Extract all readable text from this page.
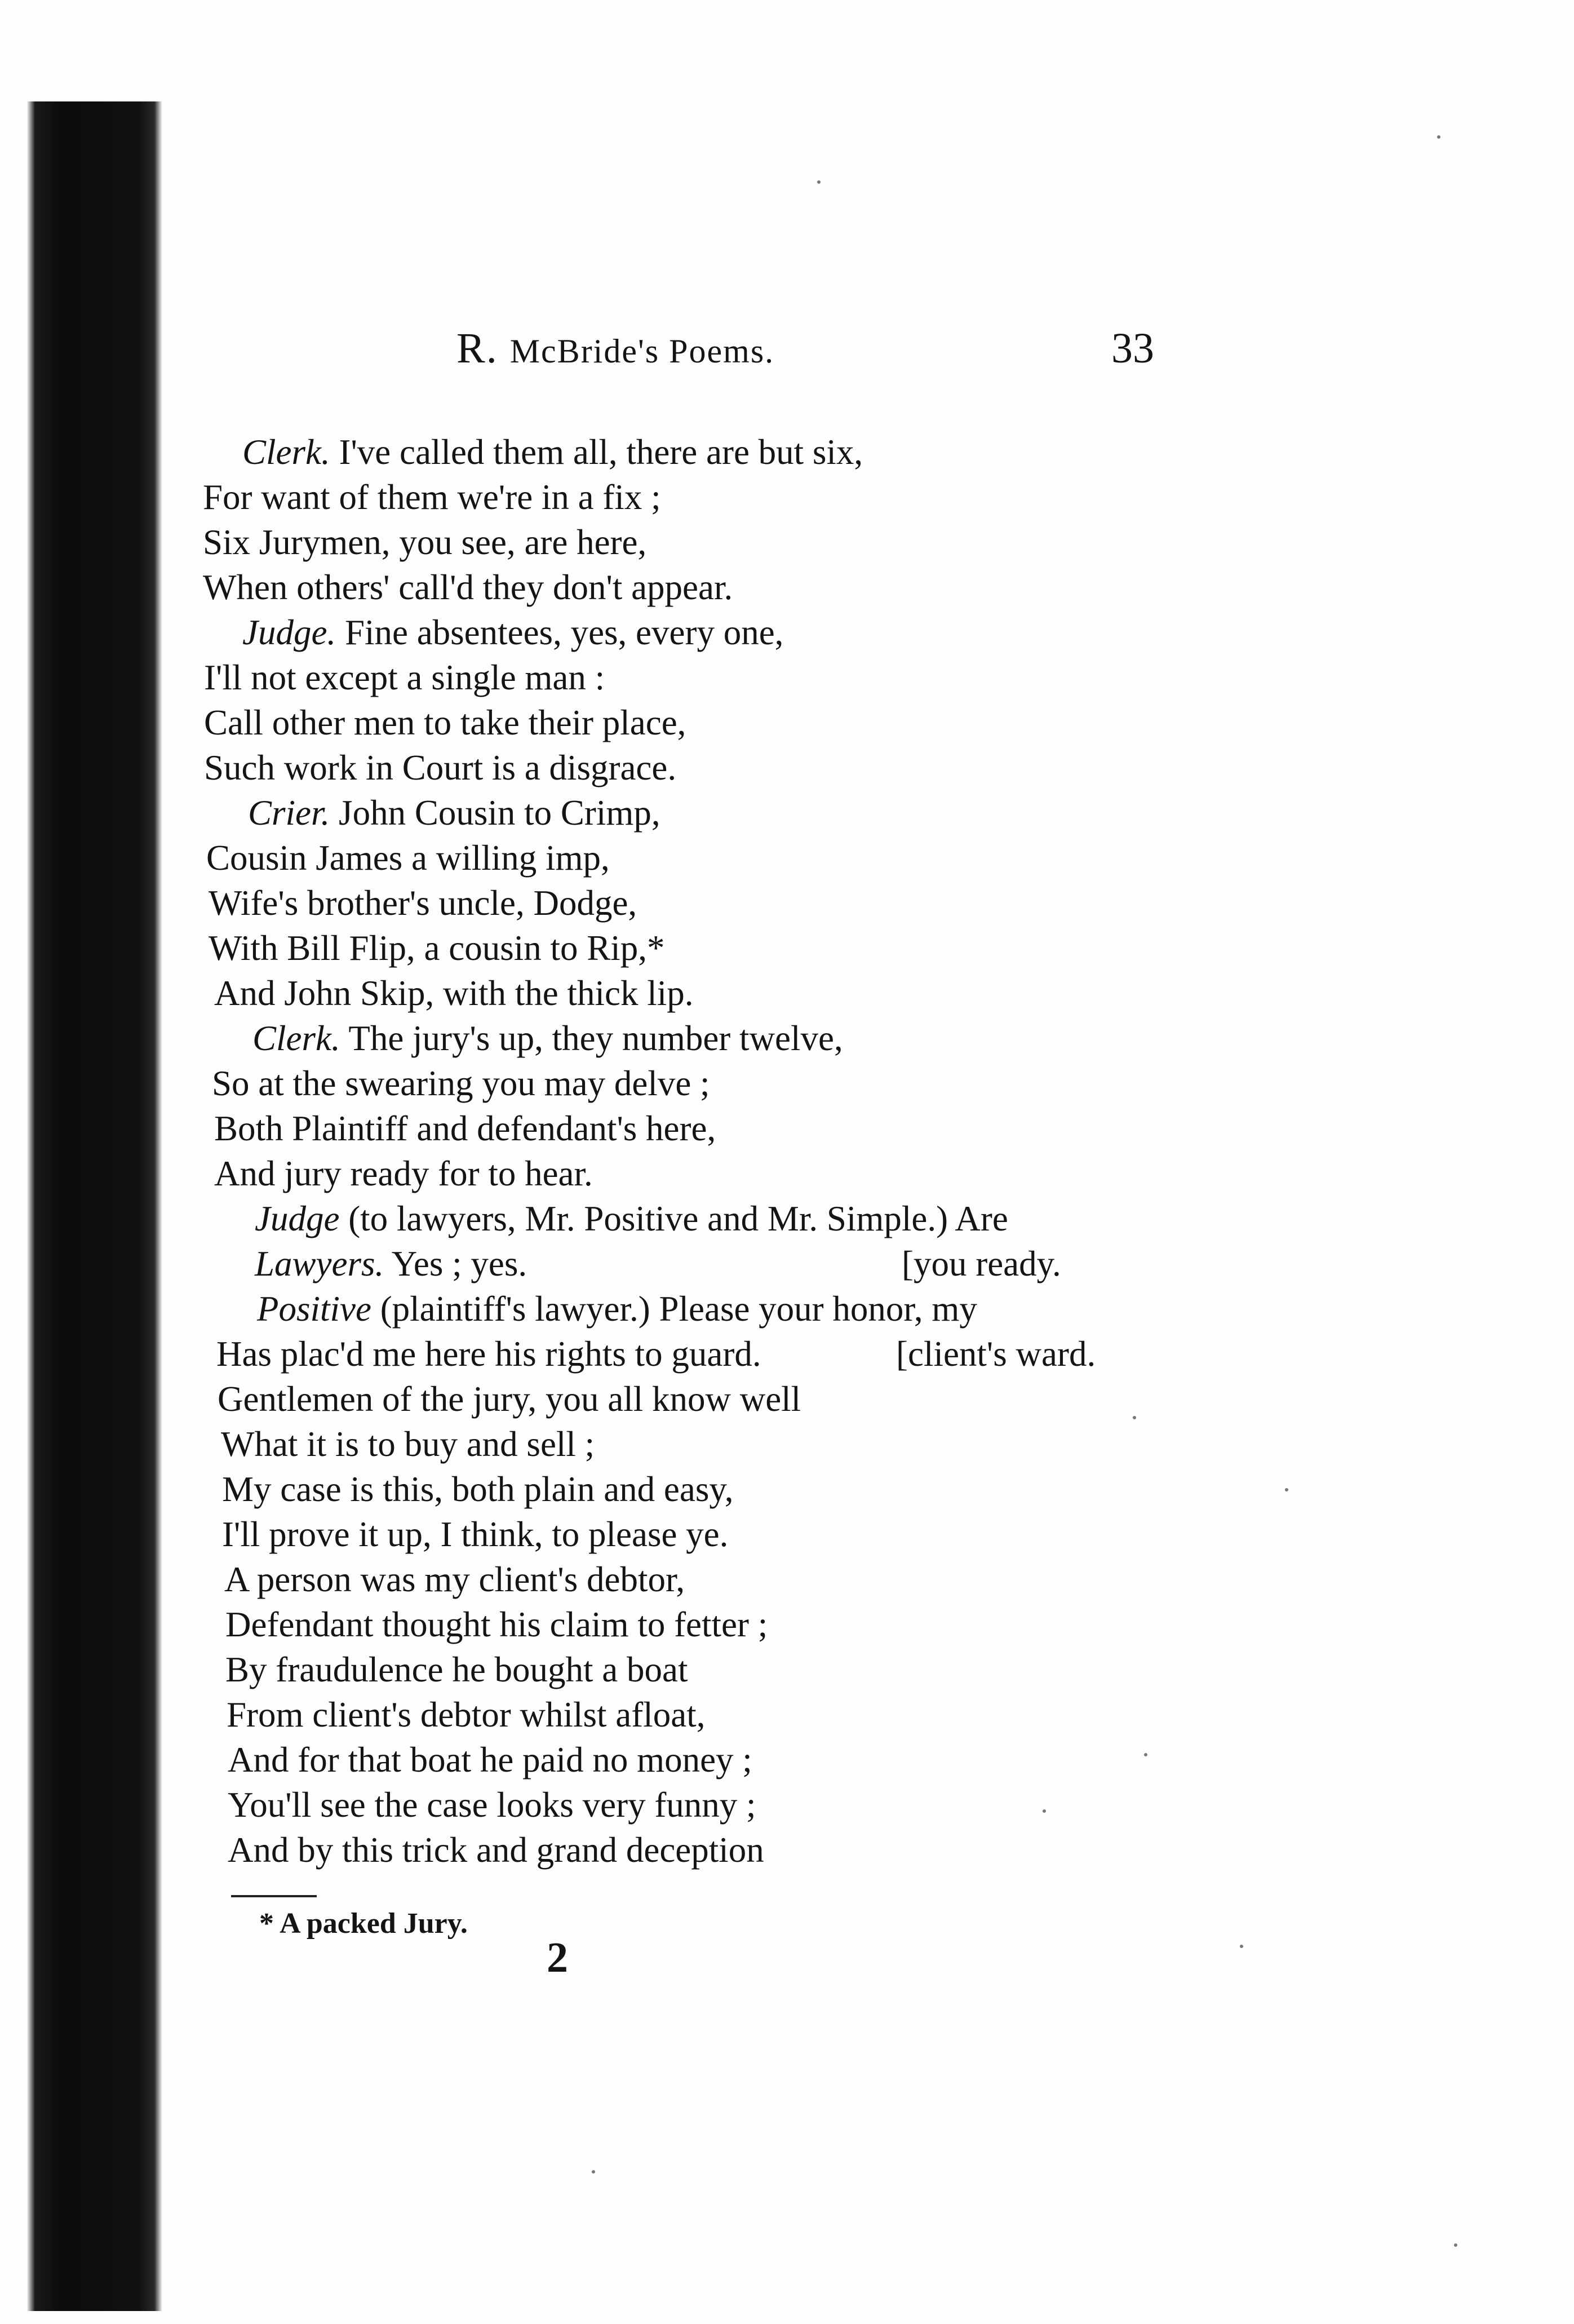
R. McBride's Poems.	33
Clerk. I've called them all, there are but six,
For want of them we're in a fix ;
Six Jurymen, you see, are here,
When others' call'd they don't appear.
Judge. Fine absentees, yes, every one,
I'll not except a single man :
Call other men to take their place,
Such work in Court is a disgrace.
Crier. John Cousin to Crimp,
Cousin James a willing imp,
Wife's brother's uncle, Dodge,
With Bill Flip, a cousin to Rip,*
And John Skip, with the thick lip.
Clerk. The jury's up, they number twelve,
So at the swearing you may delve ;
Both Plaintiff and defendant's here,
And jury ready for to hear.
Judge (to lawyers, Mr. Positive and Mr. Simple.) Are
Lawyers. Yes ; yes.	[you ready.
Positive (plaintiff's lawyer.) Please your honor, my
Has plac'd me here his rights to guard.	[client's ward.
Gentlemen of the jury, you all know well
What it is to buy and sell ;
My case is this, both plain and easy,
I'll prove it up, I think, to please ye.
A person was my client's debtor,
Defendant thought his claim to fetter ;
By fraudulence he bought a boat
From client's debtor whilst afloat,
And for that boat he paid no money ;
You'll see the case looks very funny ;
And by this trick and grand deception
* A packed Jury.
2
